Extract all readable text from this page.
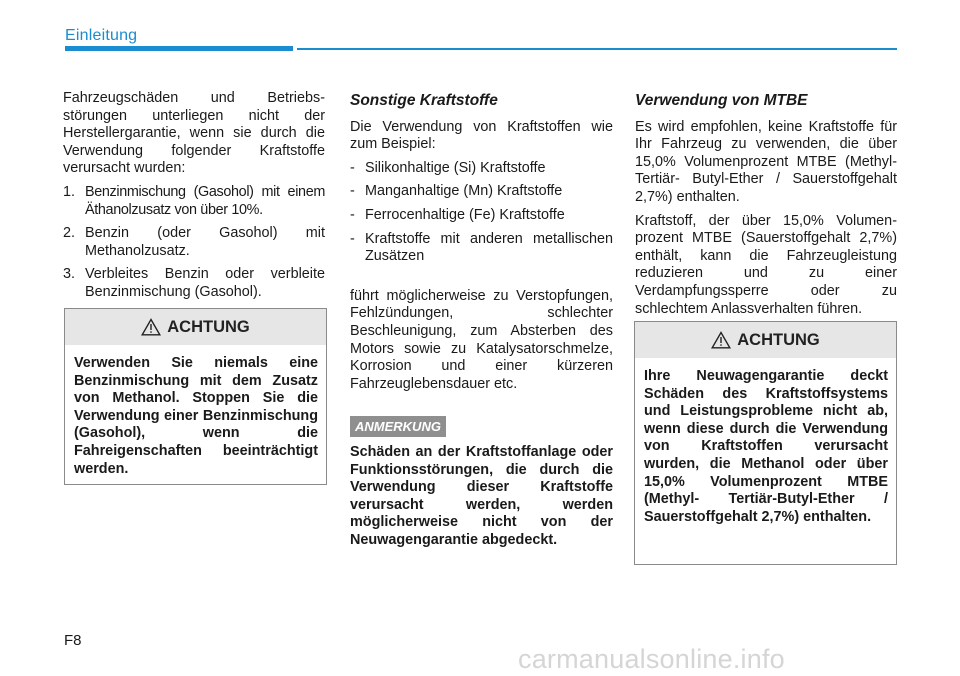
Einleitung

Fahrzeugschäden und Betriebsstörungen unterliegen nicht der Herstellergarantie, wenn sie durch die Verwendung folgender Kraftstoffe verursacht wurden:

1. Benzinmischung (Gasohol) mit einem Äthanolzusatz von über 10%.
2. Benzin (oder Gasohol) mit Methanolzusatz.
3. Verbleites Benzin oder verbleite Benzinmischung (Gasohol).
ACHTUNG
Verwenden Sie niemals eine Benzinmischung mit dem Zusatz von Methanol. Stoppen Sie die Verwendung einer Benzinmischung (Gasohol), wenn die Fahreigenschaften beeinträchtigt werden.
Sonstige Kraftstoffe

Die Verwendung von Kraftstoffen wie zum Beispiel:

- Silikonhaltige (Si) Kraftstoffe
- Manganhaltige (Mn) Kraftstoffe
- Ferrocenhaltige (Fe) Kraftstoffe
- Kraftstoffe mit anderen metallischen Zusätzen

führt möglicherweise zu Verstopfungen, Fehlzündungen, schlechter Beschleunigung, zum Absterben des Motors sowie zu Katalysatorschmelze, Korrosion und einer kürzeren Fahrzeuglebensdauer etc.

ANMERKUNG
Schäden an der Kraftstoffanlage oder Funktionsstörungen, die durch die Verwendung dieser Kraftstoffe verursacht werden, werden möglicherweise nicht von der Neuwagengarantie abgedeckt.
Verwendung von MTBE

Es wird empfohlen, keine Kraftstoffe für Ihr Fahrzeug zu verwenden, die über 15,0% Volumenprozent MTBE (Methyl-Tertiär- Butyl-Ether / Sauerstoffgehalt 2,7%) enthalten.

Kraftstoff, der über 15,0% Volumenprozent MTBE (Sauerstoffgehalt 2,7%) enthält, kann die Fahrzeugleistung reduzieren und zu einer Verdampfungssperre oder zu schlechtem Anlassverhalten führen.

ACHTUNG
Ihre Neuwagengarantie deckt Schäden des Kraftstoffsystems und Leistungsprobleme nicht ab, wenn diese durch die Verwendung von Kraftstoffen verursacht wurden, die Methanol oder über 15,0% Volumenprozent MTBE (Methyl- Tertiär-Butyl-Ether / Sauerstoffgehalt 2,7%) enthalten.
F8
carmanualsonline.info
